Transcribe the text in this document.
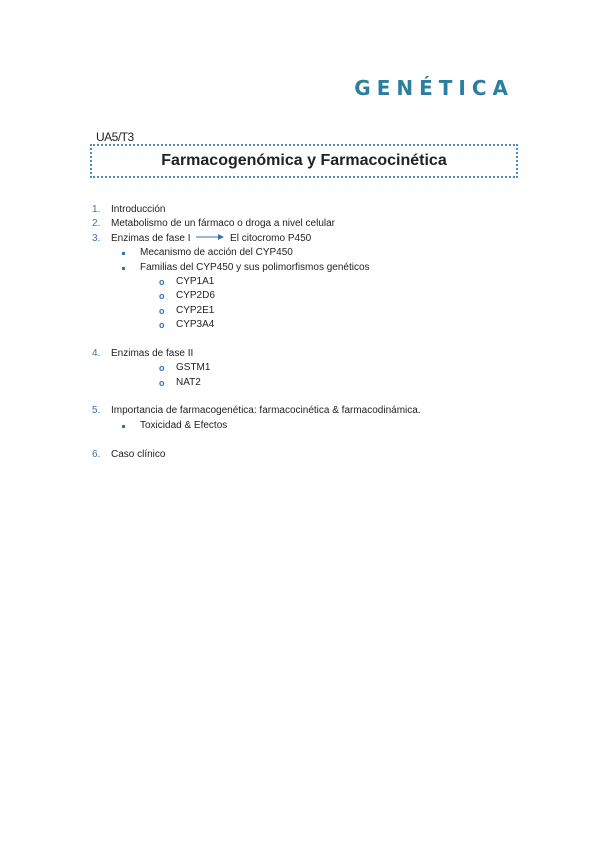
GENÉTICA
UA5/T3
Farmacogenómica y Farmacocinética
1. Introducción
2. Metabolismo de un fármaco o droga a nivel celular
3. Enzimas de fase I	El citocromo P450
Mecanismo de acción del CYP450
Familias del CYP450 y sus polimorfismos genéticos
o CYP1A1
o CYP2D6
o CYP2E1
o CYP3A4
4. Enzimas de fase II
o GSTM1
o NAT2
5. Importancia de farmacogenética: farmacocinética & farmacodinámica.
Toxicidad & Efectos
6. Caso clínico
